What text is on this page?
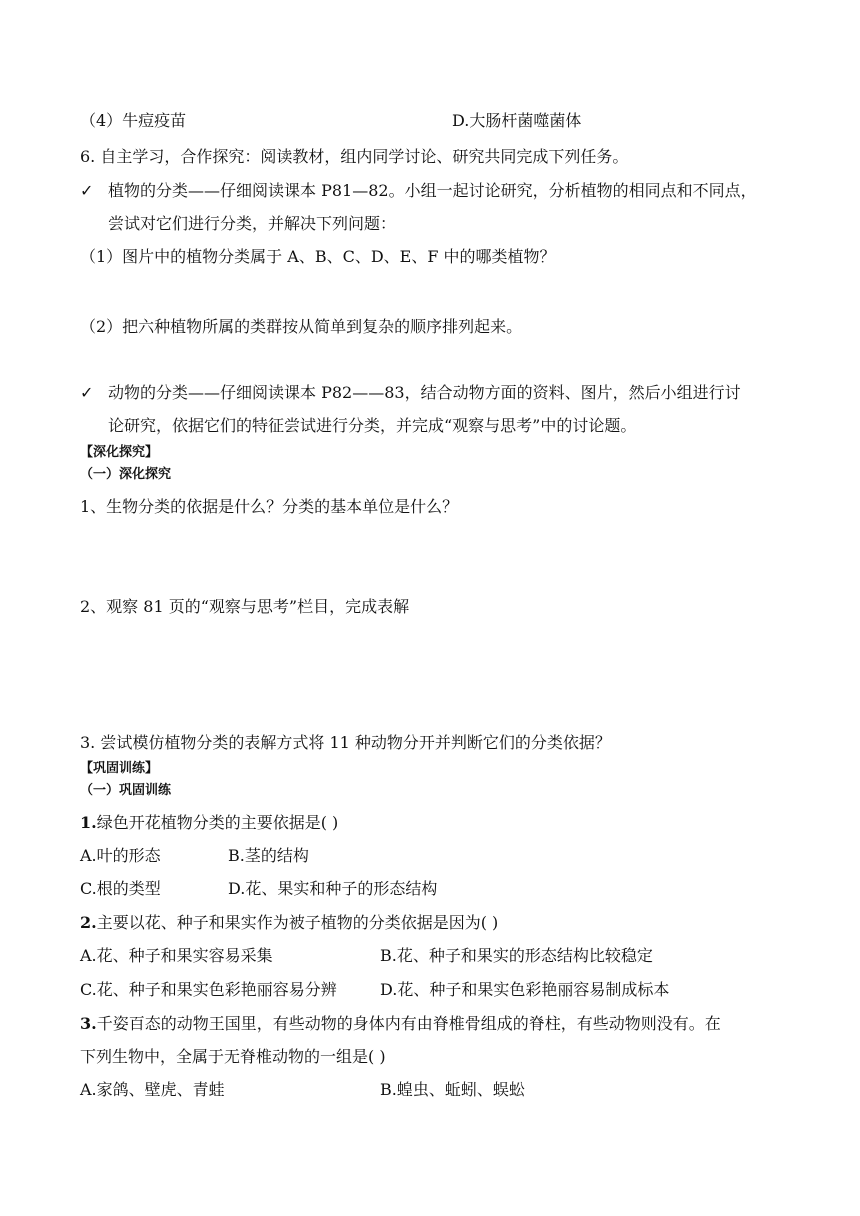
（4）牛痘疫苗	D.大肠杆菌噬菌体
6. 自主学习，合作探究：阅读教材，组内同学讨论、研究共同完成下列任务。
✓ 植物的分类——仔细阅读课本 P81—82。小组一起讨论研究，分析植物的相同点和不同点，
尝试对它们进行分类，并解决下列问题：
（1）图片中的植物分类属于 A、B、C、D、E、F 中的哪类植物？
（2）把六种植物所属的类群按从简单到复杂的顺序排列起来。
✓ 动物的分类——仔细阅读课本 P82——83，结合动物方面的资料、图片，然后小组进行讨
论研究，依据它们的特征尝试进行分类，并完成“观察与思考”中的讨论题。
【深化探究】
（一）深化探究
1、生物分类的依据是什么？分类的基本单位是什么？
2、观察 81 页的“观察与思考”栏目，完成表解
3. 尝试模仿植物分类的表解方式将 11 种动物分开并判断它们的分类依据？
【巩固训练】
（一）巩固训练
1.绿色开花植物分类的主要依据是( )
A.叶的形态	B.茎的结构
C.根的类型	D.花、果实和种子的形态结构
2.主要以花、种子和果实作为被子植物的分类依据是因为( )
A.花、种子和果实容易采集	B.花、种子和果实的形态结构比较稳定
C.花、种子和果实色彩艳丽容易分辨	D.花、种子和果实色彩艳丽容易制成标本
3.千姿百态的动物王国里，有些动物的身体内有由脊椎骨组成的脊柱，有些动物则没有。在
下列生物中，全属于无脊椎动物的一组是( )
A.家鸽、壁虎、青蛙	B.蝗虫、蚯蚓、蜈蚣
